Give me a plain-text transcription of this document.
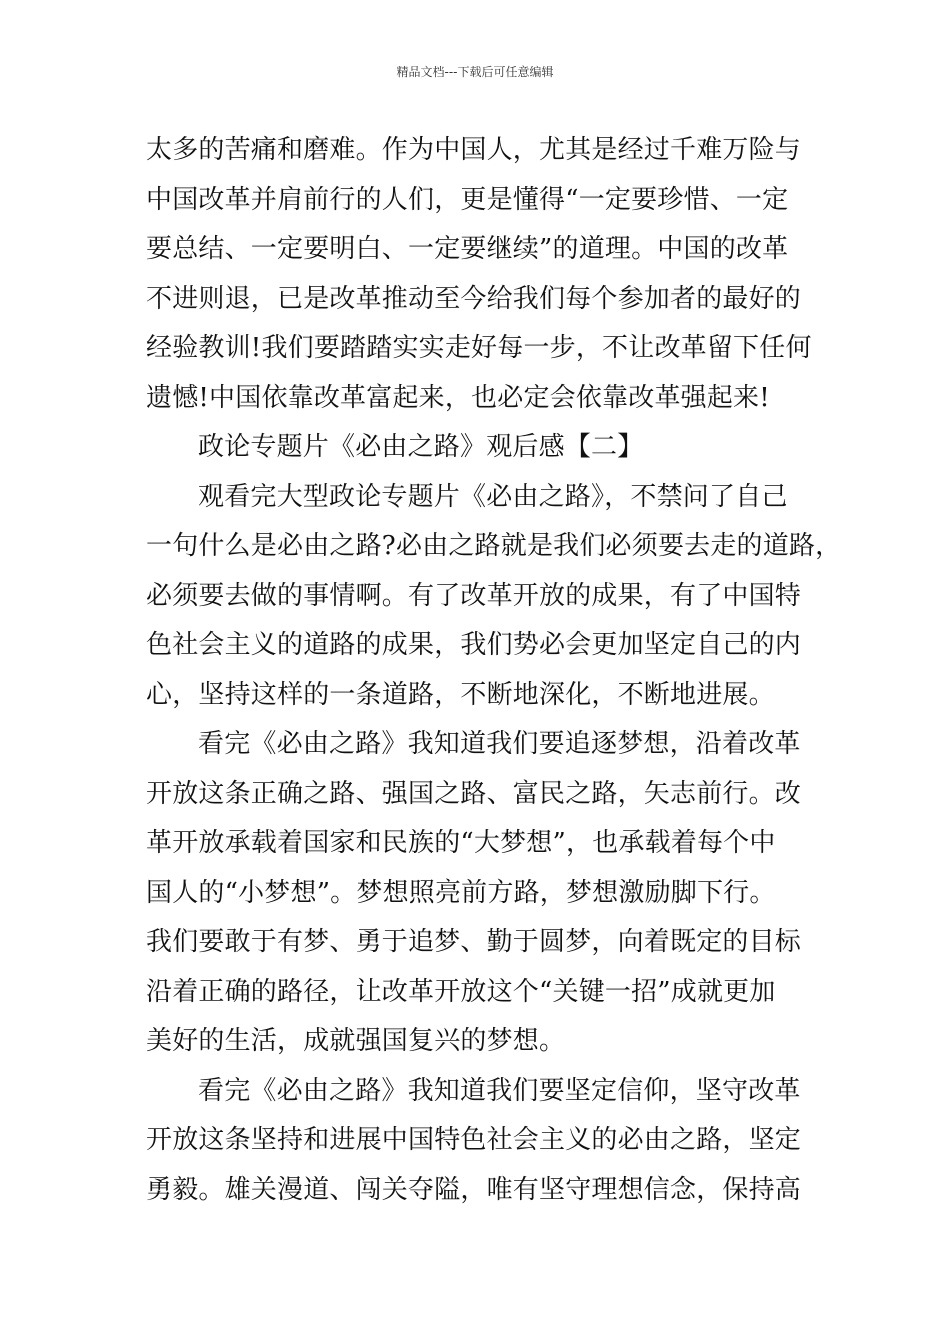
精品文档---下载后可任意编辑
太多的苦痛和磨难。作为中国人，尤其是经过千难万险与
中国改革并肩前行的人们，更是懂得“一定要珍惜、一定
要总结、一定要明白、一定要继续”的道理。中国的改革
不进则退，已是改革推动至今给我们每个参加者的最好的
经验教训!我们要踏踏实实走好每一步，不让改革留下任何
遗憾!中国依靠改革富起来，也必定会依靠改革强起来!
政论专题片《必由之路》观后感【二】
观看完大型政论专题片《必由之路》，不禁问了自己
一句什么是必由之路?必由之路就是我们必须要去走的道路，
必须要去做的事情啊。有了改革开放的成果，有了中国特
色社会主义的道路的成果，我们势必会更加坚定自己的内
心，坚持这样的一条道路，不断地深化，不断地进展。
看完《必由之路》我知道我们要追逐梦想，沿着改革
开放这条正确之路、强国之路、富民之路，矢志前行。改
革开放承载着国家和民族的“大梦想”，也承载着每个中
国人的“小梦想”。梦想照亮前方路，梦想激励脚下行。
我们要敢于有梦、勇于追梦、勤于圆梦，向着既定的目标
沿着正确的路径，让改革开放这个“关键一招”成就更加
美好的生活，成就强国复兴的梦想。
看完《必由之路》我知道我们要坚定信仰，坚守改革
开放这条坚持和进展中国特色社会主义的必由之路，坚定
勇毅。雄关漫道、闯关夺隘，唯有坚守理想信念，保持高
